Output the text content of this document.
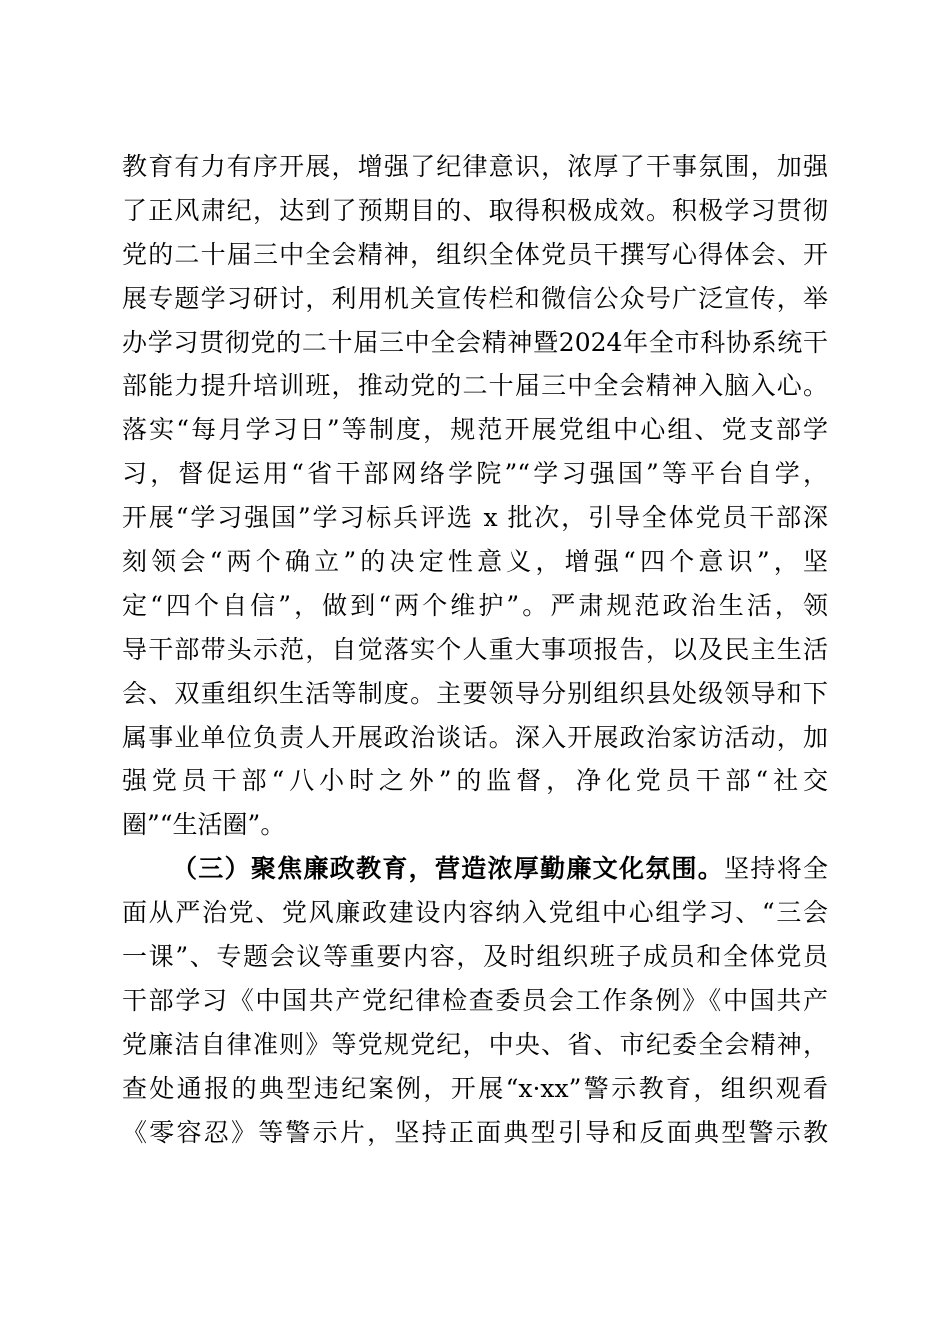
教育有力有序开展，增强了纪律意识，浓厚了干事氛围，加强
了正风肃纪，达到了预期目的、取得积极成效。积极学习贯彻
党的二十届三中全会精神，组织全体党员干撰写心得体会、开
展专题学习研讨，利用机关宣传栏和微信公众号广泛宣传，举
办学习贯彻党的二十届三中全会精神暨2024年全市科协系统干
部能力提升培训班，推动党的二十届三中全会精神入脑入心。
落实“每月学习日”等制度，规范开展党组中心组、党支部学
习，督促运用“省干部网络学院”“学习强国”等平台自学，
开展“学习强国”学习标兵评选 x 批次，引导全体党员干部深
刻领会“两个确立”的决定性意义，增强“四个意识”，坚
定“四个自信”，做到“两个维护”。严肃规范政治生活，领
导干部带头示范，自觉落实个人重大事项报告，以及民主生活
会、双重组织生活等制度。主要领导分别组织县处级领导和下
属事业单位负责人开展政治谈话。深入开展政治家访活动，加
强党员干部“八小时之外”的监督，净化党员干部“社交
圈”“生活圈”。
（三）聚焦廉政教育，营造浓厚勤廉文化氛围。坚持将全
面从严治党、党风廉政建设内容纳入党组中心组学习、“三会
一课”、专题会议等重要内容，及时组织班子成员和全体党员
干部学习《中国共产党纪律检查委员会工作条例》《中国共产
党廉洁自律准则》等党规党纪，中央、省、市纪委全会精神，
查处通报的典型违纪案例，开展“x·xx”警示教育，组织观看
《零容忍》等警示片，坚持正面典型引导和反面典型警示教
